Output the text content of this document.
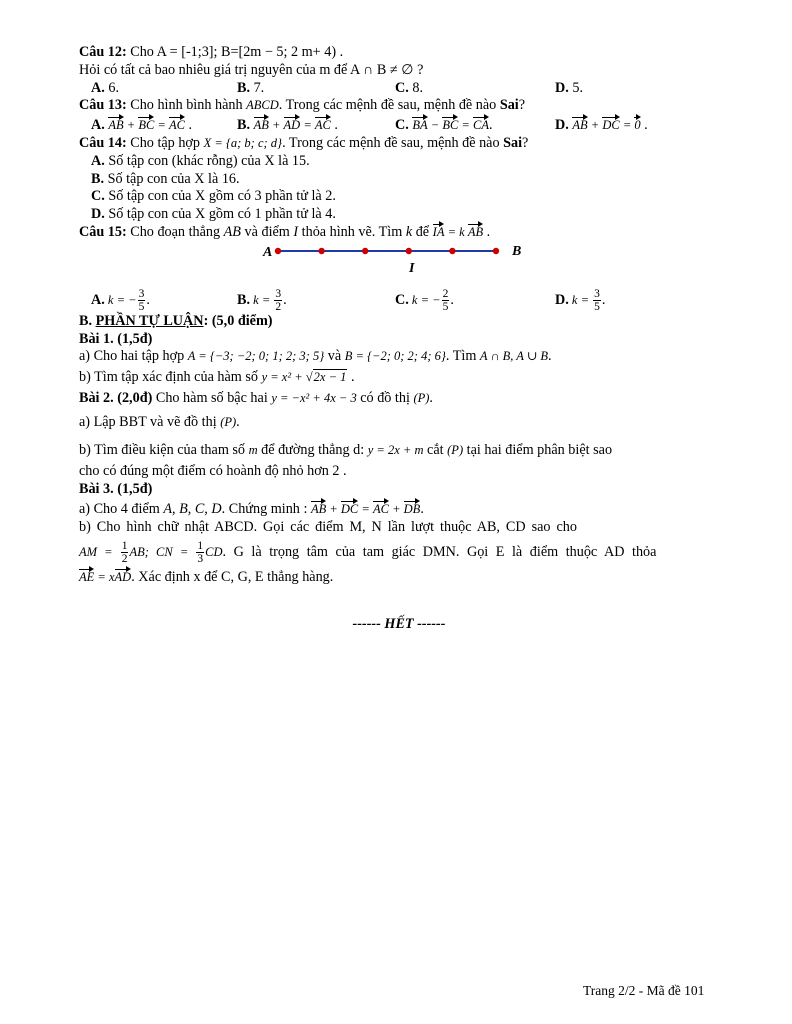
Câu 12: Cho A = [-1;3]; B=[2m − 5; 2 m+ 4) .
Hỏi có tất cả bao nhiêu giá trị nguyên của m để A ∩ B ≠ ∅ ?
A. 6.	B. 7.	C. 8.	D. 5.
Câu 13: Cho hình bình hành ABCD. Trong các mệnh đề sau, mệnh đề nào Sai?
A. AB + BC = AC .	B. AB + AD = AC .	C. BA − BC = CA.	D. AB + DC = 0 .
Câu 14: Cho tập hợp X = {a; b; c; d}. Trong các mệnh đề sau, mệnh đề nào Sai?
A. Số tập con (khác rỗng) của X là 15.
B. Số tập con của X là 16.
C. Số tập con của X gồm có 3 phần tử là 2.
D. Số tập con của X gồm có 1 phần tử là 4.
Câu 15: Cho đoạn thẳng AB và điểm I thỏa hình vẽ. Tìm k để IA = k AB .
A	B
I
A. k = − $\frac{3}{5}$ .	B. $k = \frac{3}{2}$ .	C. k = − $\frac{2}{5}$ .	D. $k = \frac{3}{5}$ .
B. PHẦN TỰ LUẬN: (5,0 điểm)
Bài 1. (1,5đ)
a) Cho hai tập hợp A = {−3; −2; 0; 1; 2; 3; 5} và B = {−2; 0; 2; 4; 6}. Tìm A ∩ B, A ∪ B.
b) Tìm tập xác định của hàm số y = x² + √2x − 1 .
Bài 2. (2,0đ) Cho hàm số bậc hai y = −x² + 4x − 3 có đồ thị (P).
a) Lập BBT và vẽ đồ thị (P).
b) Tìm điều kiện của tham số m để đường thẳng d: y = 2x + m cắt (P) tại hai điểm phân biệt sao
cho có đúng một điểm có hoành độ nhỏ hơn 2 .
Bài 3. (1,5đ)
a) Cho 4 điểm A, B, C, D. Chứng minh : AB + DC = AC + DB.
b) Cho hình chữ nhật ABCD. Gọi các điểm M, N lần lượt thuộc AB, CD sao cho
AM = $\frac{1}{2}$ AB; CN = $\frac{1}{3}$ CD. G là trọng tâm của tam giác DMN. Gọi E là điểm thuộc AD thỏa
AE = xAD. Xác định x để C, G, E thẳng hàng.
------ HẾT ------
Trang 2/2 - Mã đề 101
